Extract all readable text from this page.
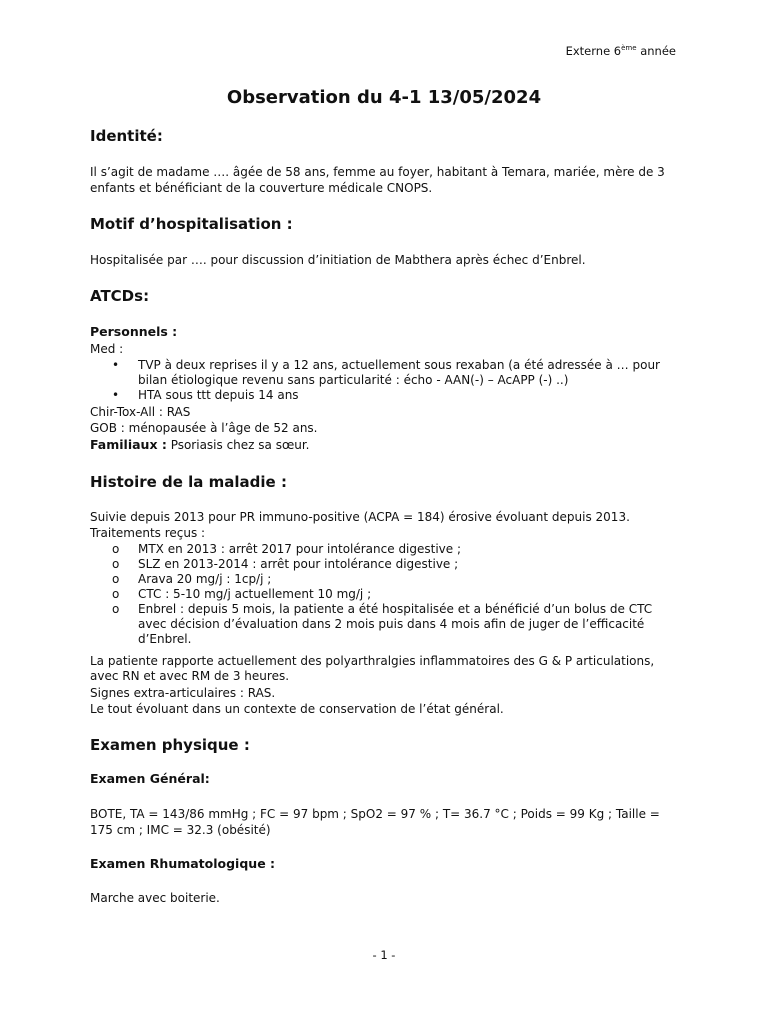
Externe 6ème année
Observation du 4-1 13/05/2024
Identité:
Il s’agit de madame …. âgée de 58 ans, femme au foyer, habitant à Temara, mariée, mère de 3 enfants et bénéficiant de la couverture médicale CNOPS.
Motif d’hospitalisation :
Hospitalisée par …. pour discussion d’initiation de Mabthera après échec d’Enbrel.
ATCDs:
Personnels :
Med :
• TVP à deux reprises il y a 12 ans, actuellement sous rexaban (a été adressée à … pour bilan étiologique revenu sans particularité : écho - AAN(-) – AcAPP (-) ..)
• HTA sous ttt depuis 14 ans
Chir-Tox-All : RAS
GOB : ménopausée à l’âge de 52 ans.
Familiaux : Psoriasis chez sa sœur.
Histoire de la maladie :
Suivie depuis 2013 pour PR immuno-positive (ACPA = 184) érosive évoluant depuis 2013.
Traitements reçus :
o MTX en 2013 : arrêt 2017 pour intolérance digestive ;
o SLZ en 2013-2014 : arrêt pour intolérance digestive ;
o Arava 20 mg/j : 1cp/j ;
o CTC : 5-10 mg/j actuellement 10 mg/j ;
o Enbrel : depuis 5 mois, la patiente a été hospitalisée et a bénéficié d’un bolus de CTC avec décision d’évaluation dans 2 mois puis dans 4 mois afin de juger de l’efficacité d’Enbrel.
La patiente rapporte actuellement des polyarthralgies inflammatoires des G & P articulations, avec RN et avec RM de 3 heures.
Signes extra-articulaires : RAS.
Le tout évoluant dans un contexte de conservation de l’état général.
Examen physique :
Examen Général:
BOTE, TA = 143/86 mmHg ; FC = 97 bpm ; SpO2 = 97 % ; T= 36.7 °C ; Poids = 99 Kg ; Taille = 175 cm ; IMC = 32.3 (obésité)
Examen Rhumatologique :
Marche avec boiterie.
- 1 -
